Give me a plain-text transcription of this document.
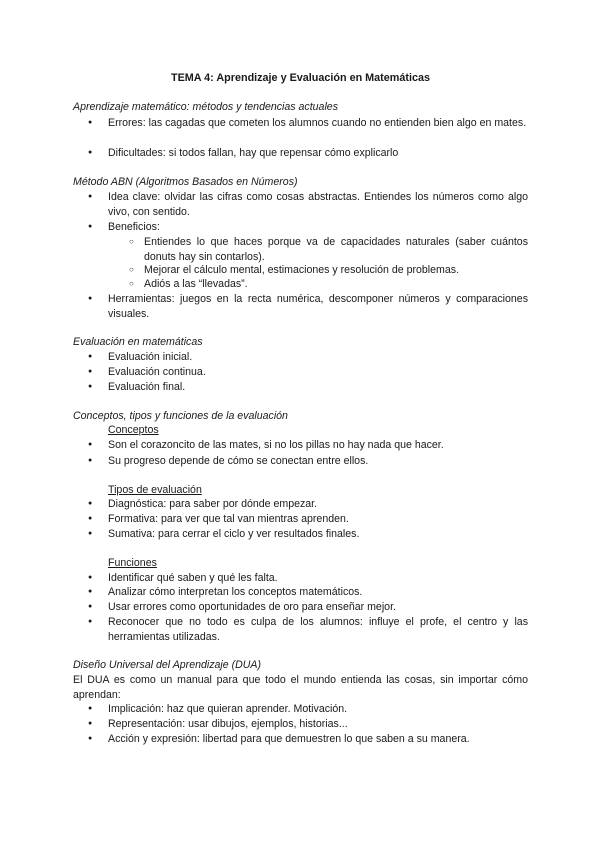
TEMA 4: Aprendizaje y Evaluación en Matemáticas
Aprendizaje matemático: métodos y tendencias actuales
● Errores: las cagadas que cometen los alumnos cuando no entienden bien algo en mates.
● Dificultades: si todos fallan, hay que repensar cómo explicarlo
Método ABN (Algoritmos Basados en Números)
● Idea clave: olvidar las cifras como cosas abstractas. Entiendes los números como algo vivo, con sentido.
● Beneficios:
○ Entiendes lo que haces porque va de capacidades naturales (saber cuántos donuts hay sin contarlos).
○ Mejorar el cálculo mental, estimaciones y resolución de problemas.
○ Adiós a las “llevadas”.
● Herramientas: juegos en la recta numérica, descomponer números y comparaciones visuales.
Evaluación en matemáticas
● Evaluación inicial.
● Evaluación continua.
● Evaluación final.
Conceptos, tipos y funciones de la evaluación
Conceptos
● Son el corazoncito de las mates, si no los pillas no hay nada que hacer.
● Su progreso depende de cómo se conectan entre ellos.
Tipos de evaluación
● Diagnóstica: para saber por dónde empezar.
● Formativa: para ver que tal van mientras aprenden.
● Sumativa: para cerrar el ciclo y ver resultados finales.
Funciones
● Identificar qué saben y qué les falta.
● Analizar cómo interpretan los conceptos matemáticos.
● Usar errores como oportunidades de oro para enseñar mejor.
● Reconocer que no todo es culpa de los alumnos: influye el profe, el centro y las herramientas utilizadas.
Diseño Universal del Aprendizaje (DUA)
El DUA es como un manual para que todo el mundo entienda las cosas, sin importar cómo aprendan:
● Implicación: haz que quieran aprender. Motivación.
● Representación: usar dibujos, ejemplos, historias...
● Acción y expresión: libertad para que demuestren lo que saben a su manera.
